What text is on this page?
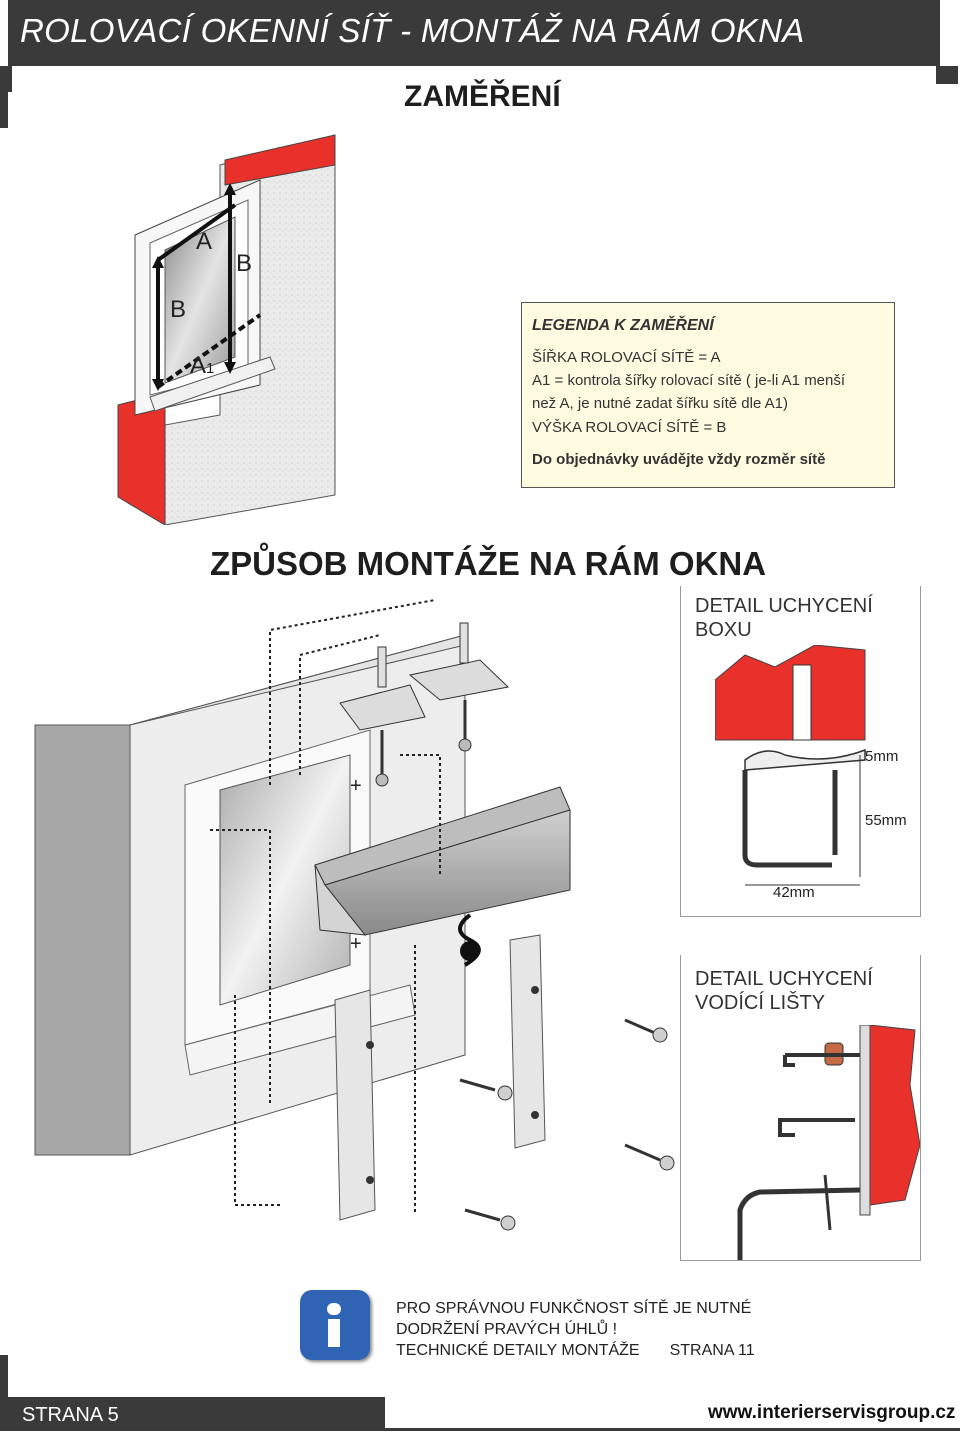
ROLOVACÍ OKENNÍ SÍŤ - MONTÁŽ NA RÁM OKNA
ZAMĚŘENÍ
A
B
B
A1
LEGENDA K ZAMĚŘENÍ
ŠÍŘKA ROLOVACÍ SÍTĚ = A
A1 = kontrola šířky rolovací sítě ( je-li A1 menší
než A, je nutné zadat šířku sítě dle A1)
VÝŠKA ROLOVACÍ SÍTĚ = B
Do objednávky uvádějte vždy rozměr sítě
ZPŮSOB MONTÁŽE NA RÁM OKNA
+
+
DETAIL UCHYCENÍ
BOXU
5mm
55mm
42mm
DETAIL UCHYCENÍ
VODÍCÍ LIŠTY
PRO SPRÁVNOU FUNKČNOST SÍTĚ JE NUTNÉ
DODRŽENÍ PRAVÝCH ÚHLŮ !
TECHNICKÉ DETAILY MONTÁŽE STRANA 11
STRANA 5	www.interierservisgroup.cz
